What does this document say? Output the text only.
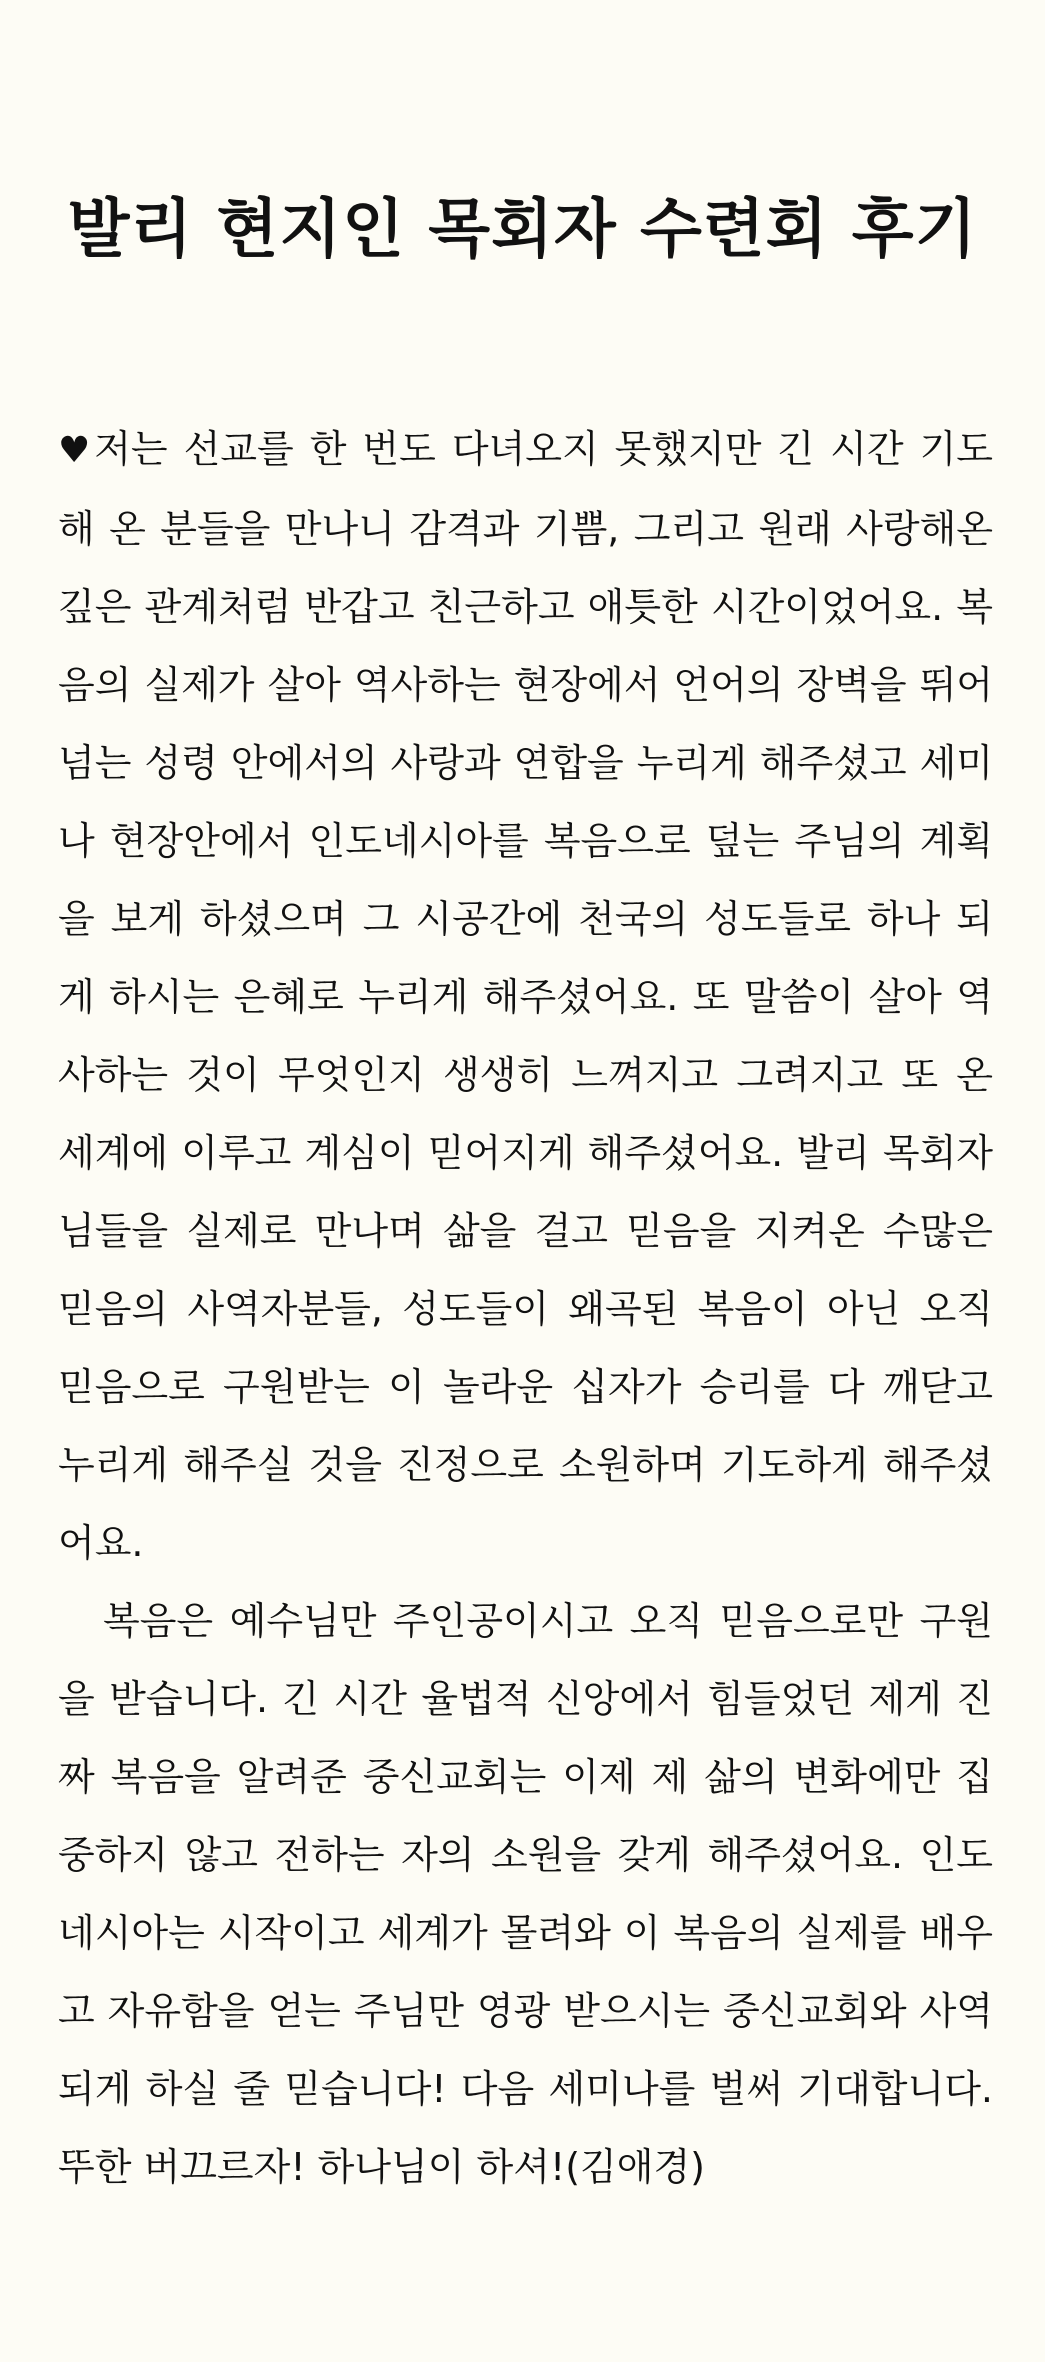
발리 현지인 목회자 수련회 후기

♥저는 선교를 한 번도 다녀오지 못했지만 긴 시간 기도해 온 분들을 만나니 감격과 기쁨, 그리고 원래 사랑해온 깊은 관계처럼 반갑고 친근하고 애틋한 시간이었어요. 복음의 실제가 살아 역사하는 현장에서 언어의 장벽을 뛰어넘는 성령 안에서의 사랑과 연합을 누리게 해주셨고 세미나 현장안에서 인도네시아를 복음으로 덮는 주님의 계획을 보게 하셨으며 그 시공간에 천국의 성도들로 하나 되게 하시는 은혜로 누리게 해주셨어요. 또 말씀이 살아 역사하는 것이 무엇인지 생생히 느껴지고 그려지고 또 온 세계에 이루고 계심이 믿어지게 해주셨어요. 발리 목회자님들을 실제로 만나며 삶을 걸고 믿음을 지켜온 수많은 믿음의 사역자분들, 성도들이 왜곡된 복음이 아닌 오직 믿음으로 구원받는 이 놀라운 십자가 승리를 다 깨닫고 누리게 해주실 것을 진정으로 소원하며 기도하게 해주셨어요.

복음은 예수님만 주인공이시고 오직 믿음으로만 구원을 받습니다. 긴 시간 율법적 신앙에서 힘들었던 제게 진짜 복음을 알려준 중신교회는 이제 제 삶의 변화에만 집중하지 않고 전하는 자의 소원을 갖게 해주셨어요. 인도네시아는 시작이고 세계가 몰려와 이 복음의 실제를 배우고 자유함을 얻는 주님만 영광 받으시는 중신교회와 사역되게 하실 줄 믿습니다! 다음 세미나를 벌써 기대합니다. 뚜한 버끄르자! 하나님이 하셔!(김애경)
